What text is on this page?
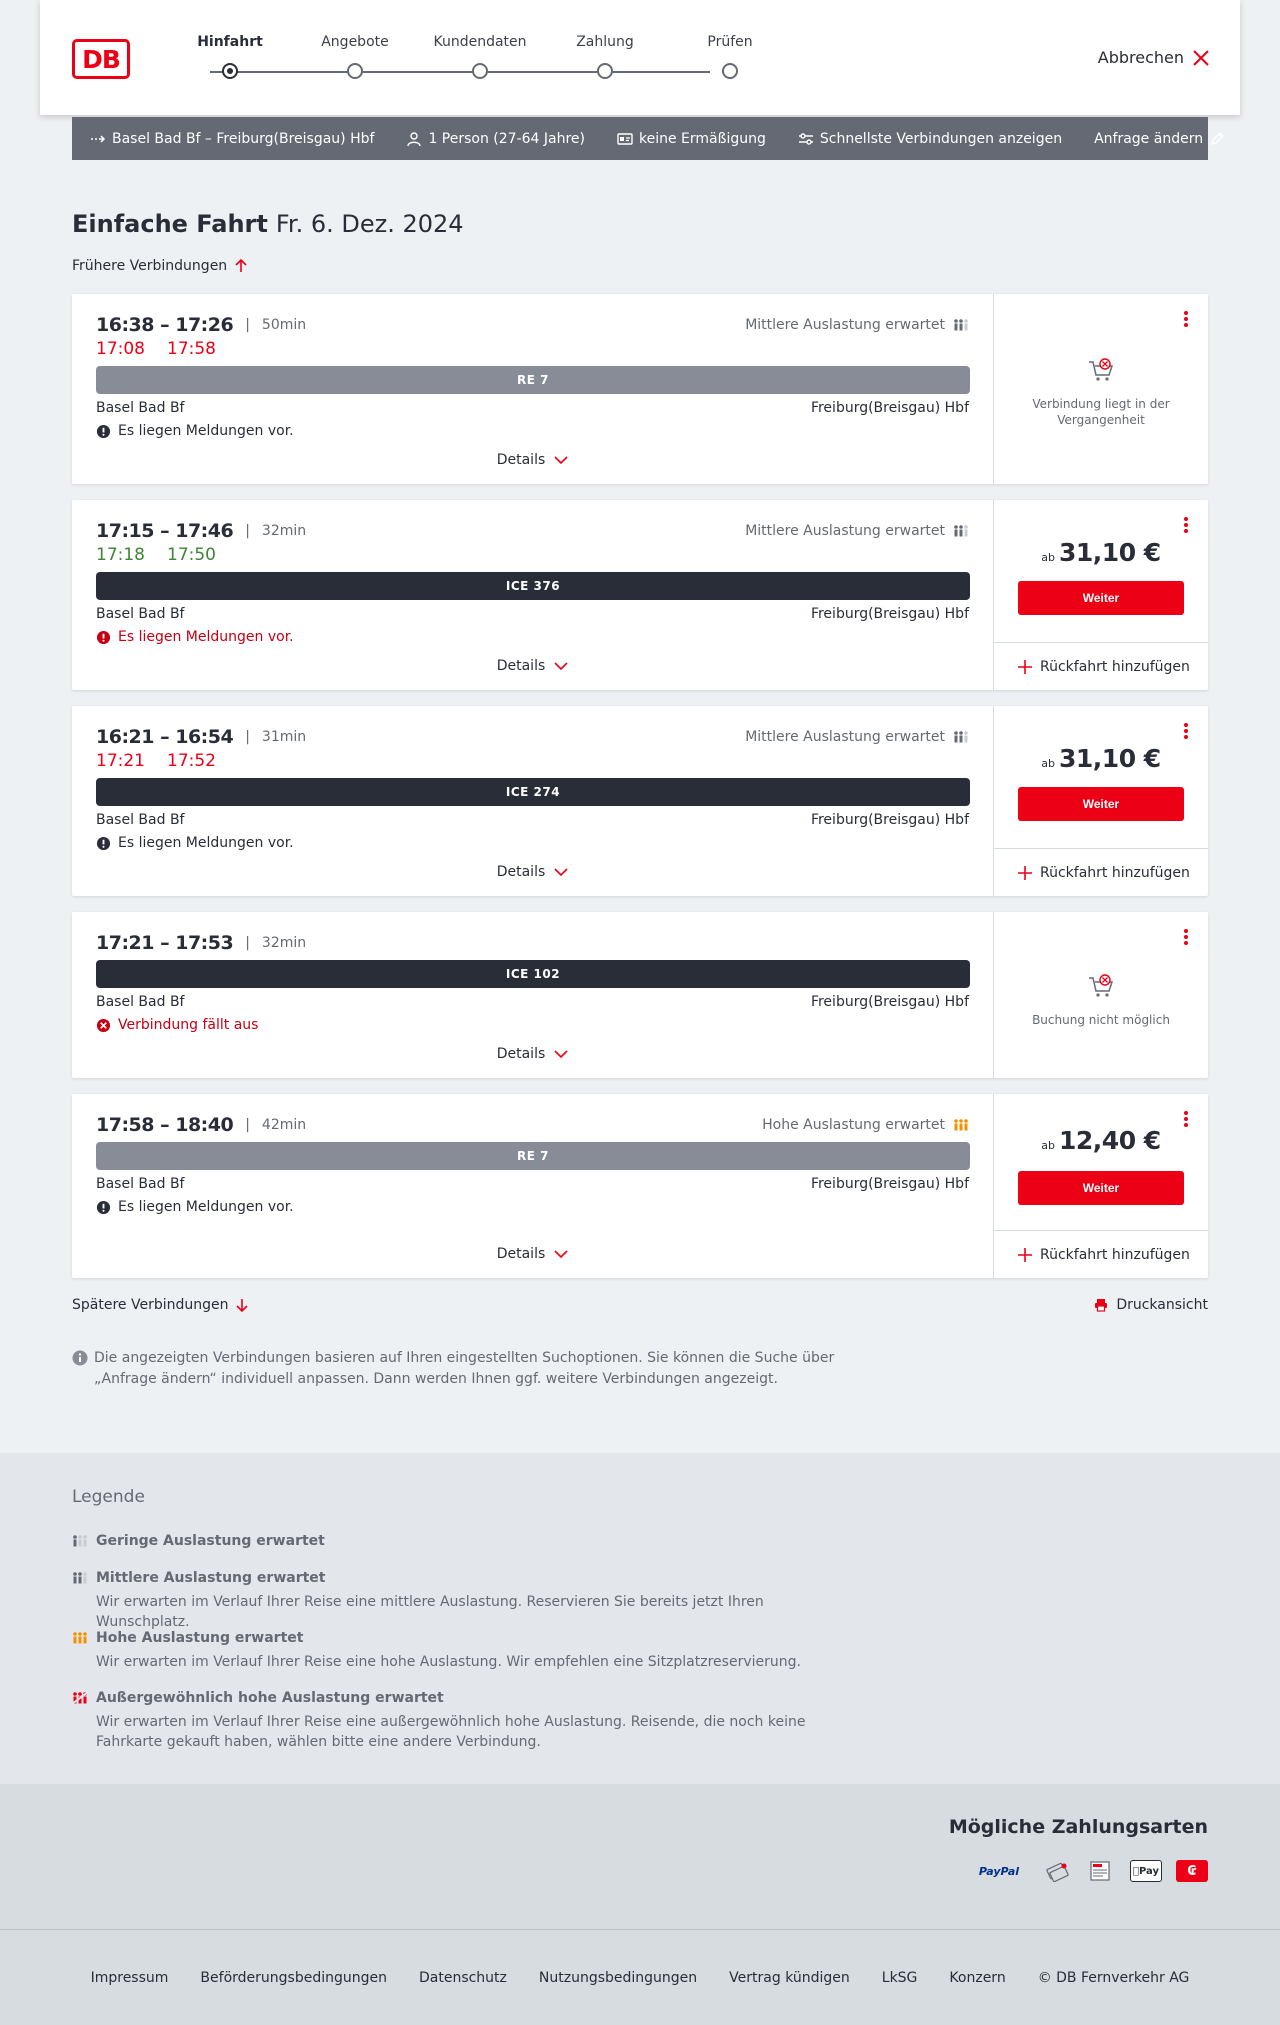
DB
Hinfahrt	Angebote	Kundendaten	Zahlung	Prüfen
Abbrechen
Basel Bad Bf – Freiburg(Breisgau) Hbf	1 Person (27-64 Jahre)	keine Ermäßigung	Schnellste Verbindungen anzeigen Anfrage ändern
Einfache Fahrt Fr. 6. Dez. 2024
Frühere Verbindungen
16:38 – 17:26 | 50min
17:08 17:58
Mittlere Auslastung erwartet
RE 7
Basel Bad Bf	Freiburg(Breisgau) Hbf
Es liegen Meldungen vor.
Details
Verbindung liegt in der Vergangenheit
17:15 – 17:46 | 32min
17:18 17:50
Mittlere Auslastung erwartet
ICE 376
Basel Bad Bf	Freiburg(Breisgau) Hbf
Es liegen Meldungen vor.
Details
ab 31,10 €
Weiter
Rückfahrt hinzufügen
16:21 – 16:54 | 31min
17:21 17:52
Mittlere Auslastung erwartet
ICE 274
Basel Bad Bf	Freiburg(Breisgau) Hbf
Es liegen Meldungen vor.
Details
ab 31,10 €
Weiter
Rückfahrt hinzufügen
17:21 – 17:53 | 32min
ICE 102
Basel Bad Bf	Freiburg(Breisgau) Hbf
Verbindung fällt aus
Details
Buchung nicht möglich
17:58 – 18:40 | 42min	Hohe Auslastung erwartet
RE 7
Basel Bad Bf	Freiburg(Breisgau) Hbf
Es liegen Meldungen vor.
Details
ab 12,40 €
Weiter
Rückfahrt hinzufügen
Spätere Verbindungen	Druckansicht
Die angezeigten Verbindungen basieren auf Ihren eingestellten Suchoptionen. Sie können die Suche über „Anfrage ändern“ individuell anpassen. Dann werden Ihnen ggf. weitere Verbindungen angezeigt.
Legende
Geringe Auslastung erwartet
Mittlere Auslastung erwartet
Wir erwarten im Verlauf Ihrer Reise eine mittlere Auslastung. Reservieren Sie bereits jetzt Ihren Wunschplatz.
Hohe Auslastung erwartet
Wir erwarten im Verlauf Ihrer Reise eine hohe Auslastung. Wir empfehlen eine Sitzplatzreservierung.
Außergewöhnlich hohe Auslastung erwartet
Wir erwarten im Verlauf Ihrer Reise eine außergewöhnlich hohe Auslastung. Reisende, die noch keine Fahrkarte gekauft haben, wählen bitte eine andere Verbindung.
Mögliche Zahlungsarten
PayPal	Pay	₢
Impressum Beförderungsbedingungen Datenschutz Nutzungsbedingungen Vertrag kündigen LkSG Konzern © DB Fernverkehr AG
